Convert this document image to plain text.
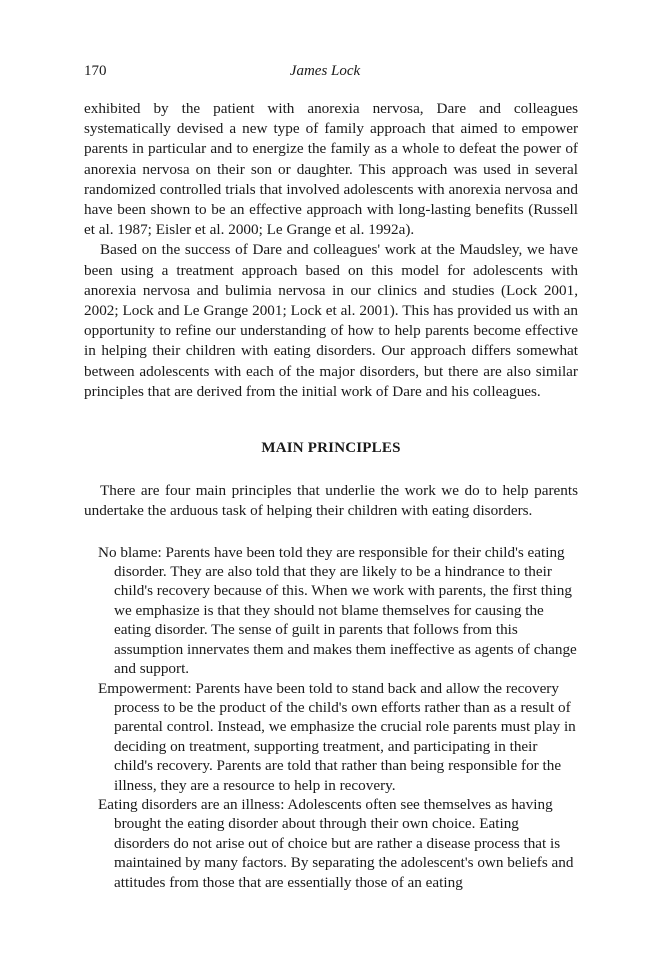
170	James Lock

exhibited by the patient with anorexia nervosa, Dare and colleagues systematically devised a new type of family approach that aimed to empower parents in particular and to energize the family as a whole to defeat the power of anorexia nervosa on their son or daughter. This approach was used in several randomized controlled trials that involved adolescents with anorexia nervosa and have been shown to be an effective approach with long-lasting benefits (Russell et al. 1987; Eisler et al. 2000; Le Grange et al. 1992a).

Based on the success of Dare and colleagues' work at the Maudsley, we have been using a treatment approach based on this model for adolescents with anorexia nervosa and bulimia nervosa in our clinics and studies (Lock 2001, 2002; Lock and Le Grange 2001; Lock et al. 2001). This has provided us with an opportunity to refine our understanding of how to help parents become effective in helping their children with eating disorders. Our approach differs somewhat between adolescents with each of the major disorders, but there are also similar principles that are derived from the initial work of Dare and his colleagues.

MAIN PRINCIPLES

There are four main principles that underlie the work we do to help parents undertake the arduous task of helping their children with eating disorders.

No blame: Parents have been told they are responsible for their child's eating disorder. They are also told that they are likely to be a hindrance to their child's recovery because of this. When we work with parents, the first thing we emphasize is that they should not blame themselves for causing the eating disorder. The sense of guilt in parents that follows from this assumption innervates them and makes them ineffective as agents of change and support.
Empowerment: Parents have been told to stand back and allow the recovery process to be the product of the child's own efforts rather than as a result of parental control. Instead, we emphasize the crucial role parents must play in deciding on treatment, supporting treatment, and participating in their child's recovery. Parents are told that rather than being responsible for the illness, they are a resource to help in recovery.
Eating disorders are an illness: Adolescents often see themselves as having brought the eating disorder about through their own choice. Eating disorders do not arise out of choice but are rather a disease process that is maintained by many factors. By separating the adolescent's own beliefs and attitudes from those that are essentially those of an eating
